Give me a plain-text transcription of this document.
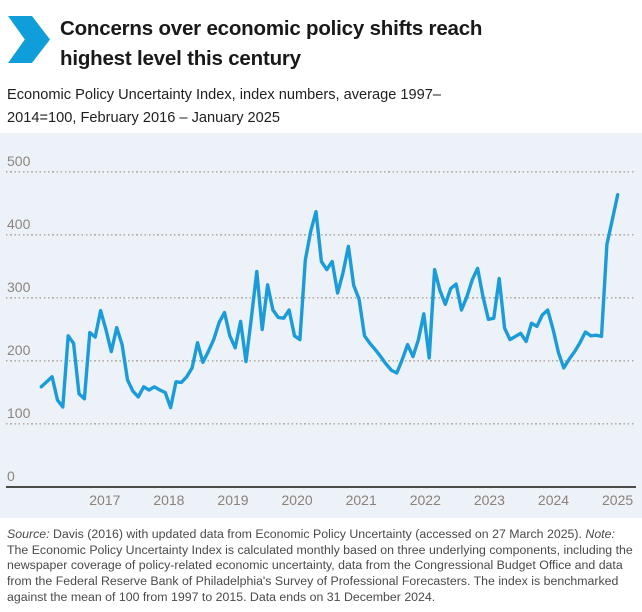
Concerns over economic policy shifts reach
highest level this century
Economic Policy Uncertainty Index, index numbers, average 1997–
2014=100, February 2016 – January 2025
0
100
200
300
400
500
2017	2018	2019	2020	2021	2022	2023	2024	2025
Source: Davis (2016) with updated data from Economic Policy Uncertainty (accessed on 27 March 2025). Note: The Economic Policy Uncertainty Index is calculated monthly based on three underlying components, including the newspaper coverage of policy-related economic uncertainty, data from the Congressional Budget Office and data from the Federal Reserve Bank of Philadelphia's Survey of Professional Forecasters. The index is benchmarked against the mean of 100 from 1997 to 2015. Data ends on 31 December 2024.
